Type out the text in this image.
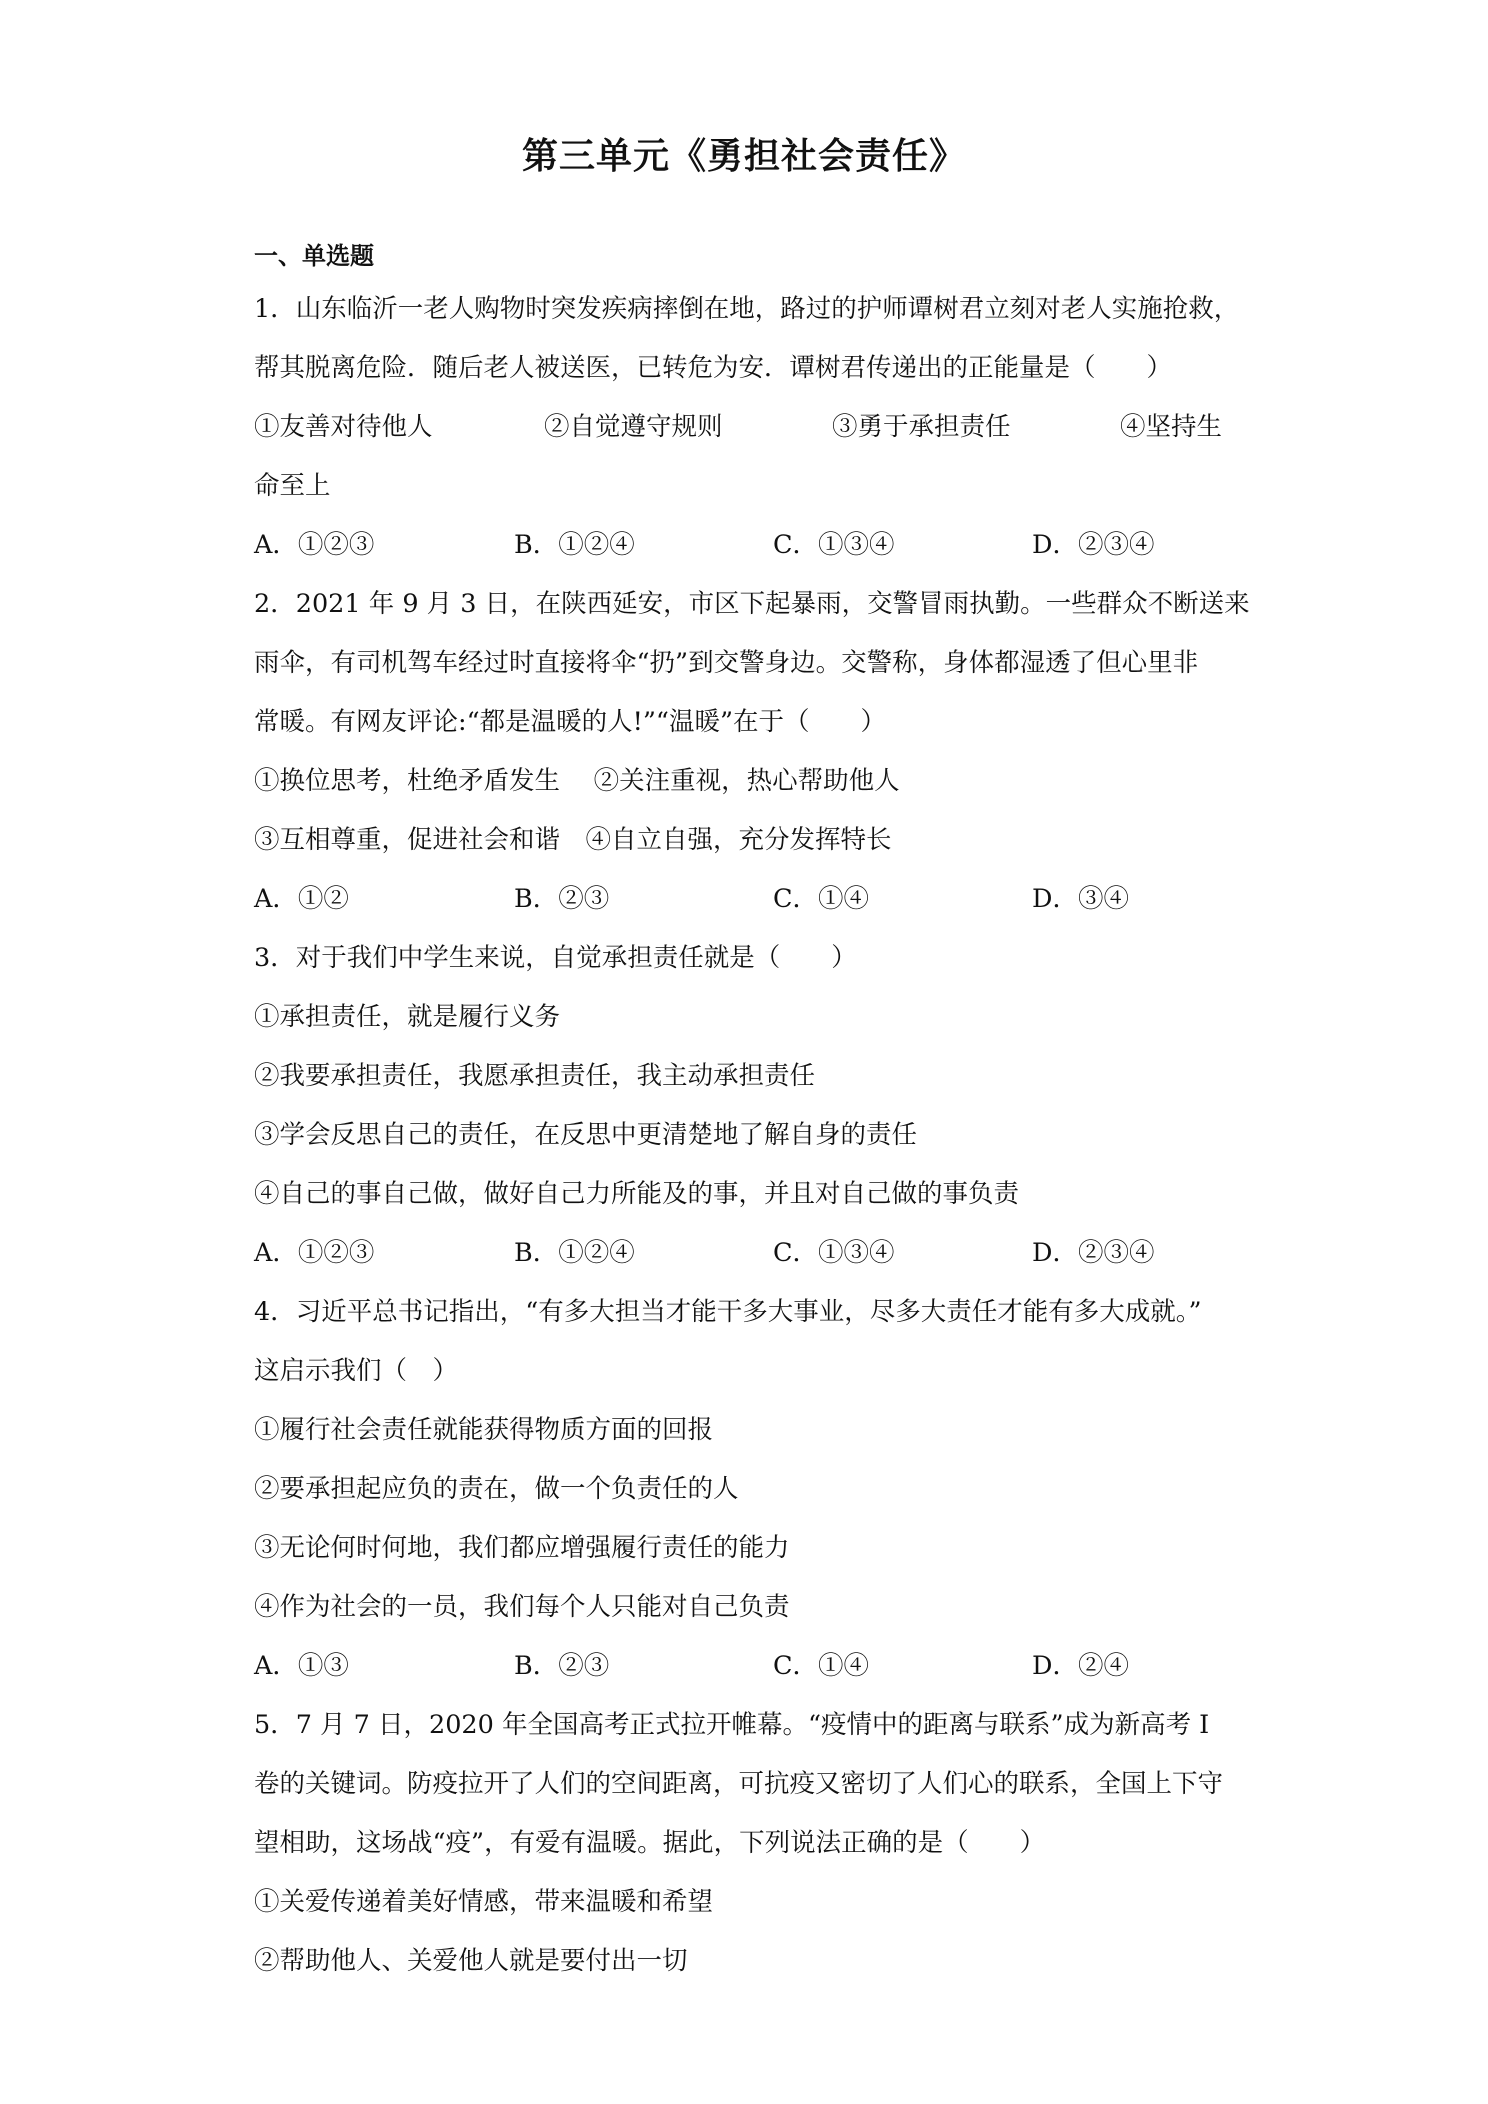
第三单元《勇担社会责任》
一、单选题
1．山东临沂一老人购物时突发疾病摔倒在地，路过的护师谭树君立刻对老人实施抢救，
帮其脱离危险．随后老人被送医，已转危为安．谭树君传递出的正能量是（　　）
①友善对待他人	②自觉遵守规则	③勇于承担责任	④坚持生
命至上
A．①②③	B．①②④	C．①③④	D．②③④
2．2021 年 9 月 3 日，在陕西延安，市区下起暴雨，交警冒雨执勤。一些群众不断送来
雨伞，有司机驾车经过时直接将伞“扔”到交警身边。交警称，身体都湿透了但心里非
常暖。有网友评论:“都是温暖的人!”“温暖”在于（　　）
①换位思考，杜绝矛盾发生　 ②关注重视，热心帮助他人
③互相尊重，促进社会和谐　④自立自强，充分发挥特长
A．①②	B．②③	C．①④	D．③④
3．对于我们中学生来说，自觉承担责任就是（　　）
①承担责任，就是履行义务
②我要承担责任，我愿承担责任，我主动承担责任
③学会反思自己的责任，在反思中更清楚地了解自身的责任
④自己的事自己做，做好自己力所能及的事，并且对自己做的事负责
A．①②③	B．①②④	C．①③④	D．②③④
4．习近平总书记指出，“有多大担当才能干多大事业，尽多大责任才能有多大成就。”
这启示我们（　）
①履行社会责任就能获得物质方面的回报
②要承担起应负的责在，做一个负责任的人
③无论何时何地，我们都应增强履行责任的能力
④作为社会的一员，我们每个人只能对自己负责
A．①③	B．②③	C．①④	D．②④
5．7 月 7 日，2020 年全国高考正式拉开帷幕。“疫情中的距离与联系”成为新高考 I
卷的关键词。防疫拉开了人们的空间距离，可抗疫又密切了人们心的联系，全国上下守
望相助，这场战“疫”，有爱有温暖。据此，下列说法正确的是（　　）
①关爱传递着美好情感，带来温暖和希望
②帮助他人、关爱他人就是要付出一切
